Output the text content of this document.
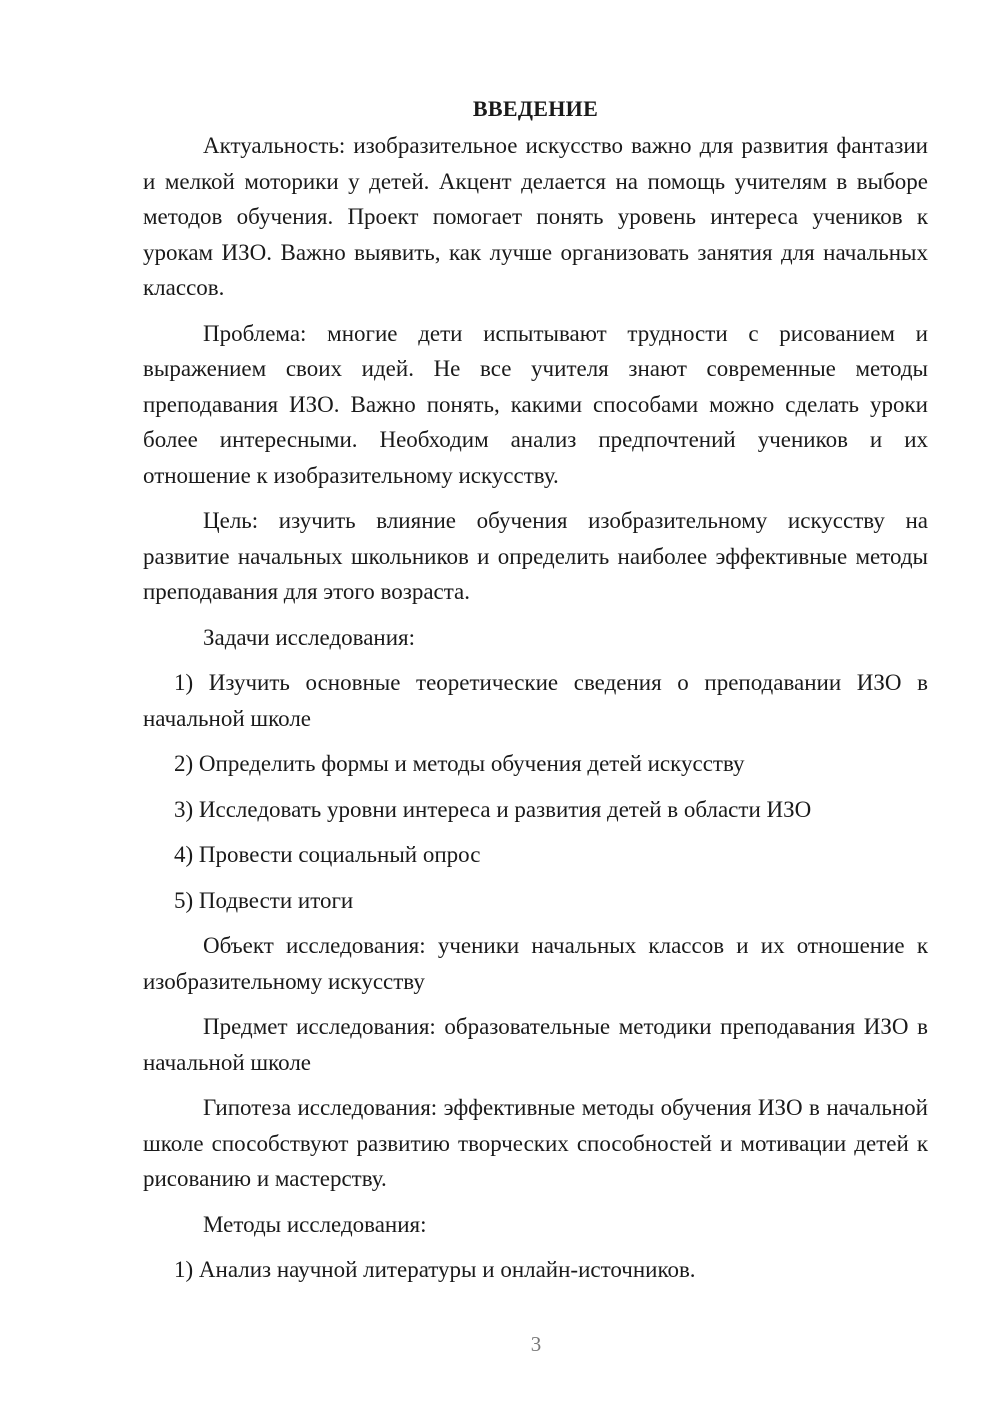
ВВЕДЕНИЕ

Актуальность: изобразительное искусство важно для развития фантазии и мелкой моторики у детей. Акцент делается на помощь учителям в выборе методов обучения. Проект помогает понять уровень интереса учеников к урокам ИЗО. Важно выявить, как лучше организовать занятия для начальных классов.

Проблема: многие дети испытывают трудности с рисованием и выражением своих идей. Не все учителя знают современные методы преподавания ИЗО. Важно понять, какими способами можно сделать уроки более интересными. Необходим анализ предпочтений учеников и их отношение к изобразительному искусству.

Цель: изучить влияние обучения изобразительному искусству на развитие начальных школьников и определить наиболее эффективные методы преподавания для этого возраста.

Задачи исследования:

1) Изучить основные теоретические сведения о преподавании ИЗО в начальной школе

2) Определить формы и методы обучения детей искусству

3) Исследовать уровни интереса и развития детей в области ИЗО

4) Провести социальный опрос

5) Подвести итоги

Объект исследования: ученики начальных классов и их отношение к изобразительному искусству

Предмет исследования: образовательные методики преподавания ИЗО в начальной школе

Гипотеза исследования: эффективные методы обучения ИЗО в начальной школе способствуют развитию творческих способностей и мотивации детей к рисованию и мастерству.

Методы исследования:

1) Анализ научной литературы и онлайн-источников.

3
